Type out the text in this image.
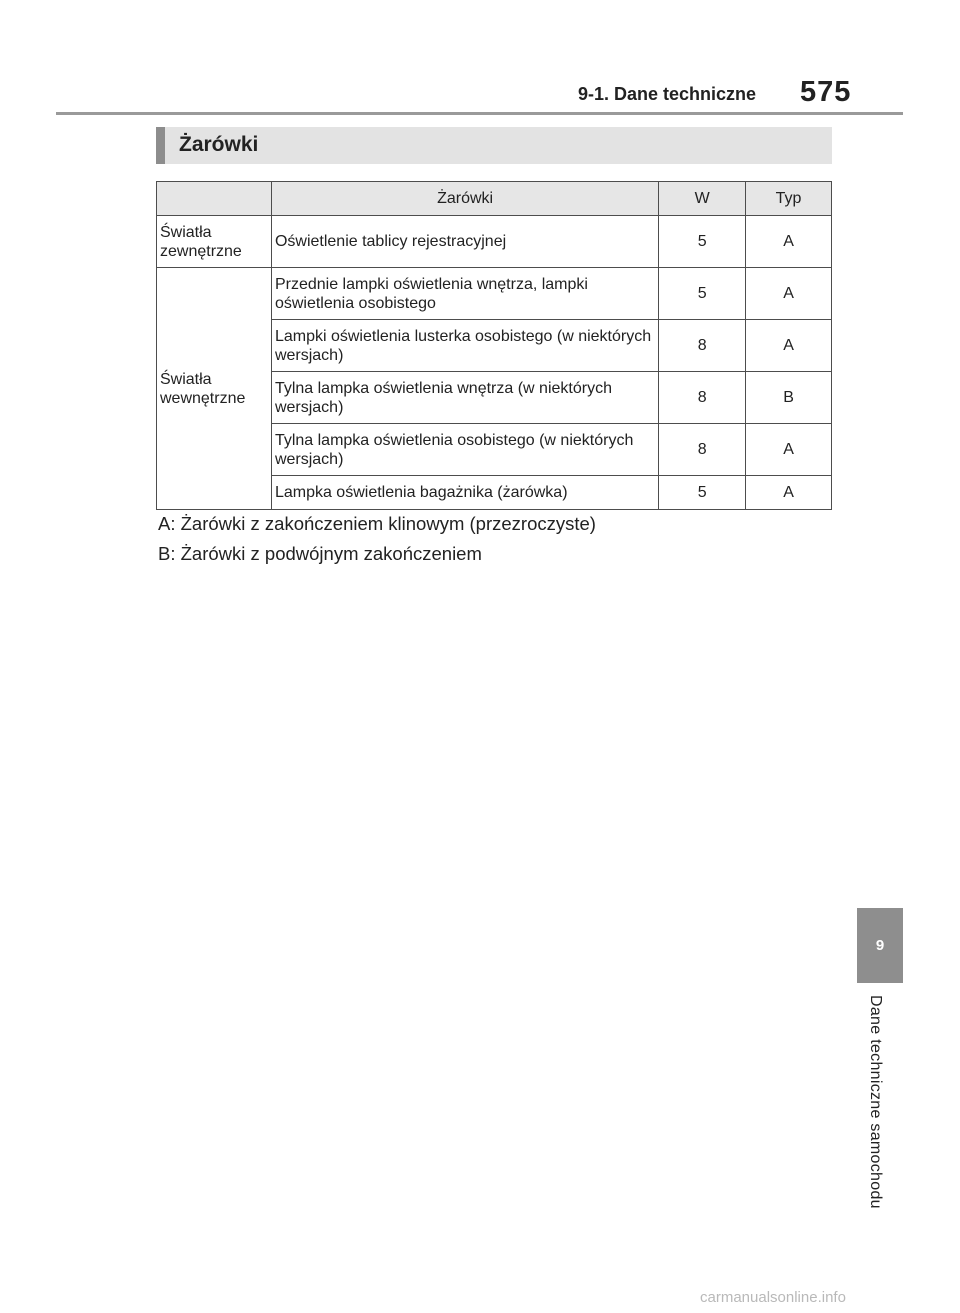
9-1. Dane techniczne 575
Żarówki
	Żarówki	W	Typ
Światła zewnętrzne	Oświetlenie tablicy rejestracyjnej	5	A
Światła wewnętrzne	Przednie lampki oświetlenia wnętrza, lampki oświetlenia osobistego	5	A
	Lampki oświetlenia lusterka osobistego (w niektórych wersjach)	8	A
	Tylna lampka oświetlenia wnętrza (w niektórych wersjach)	8	B
	Tylna lampka oświetlenia osobistego (w niektórych wersjach)	8	A
	Lampka oświetlenia bagażnika (żarówka)	5	A
A: Żarówki z zakończeniem klinowym (przezroczyste)
B: Żarówki z podwójnym zakończeniem
9
Dane techniczne samochodu
carmanualsonline.info
